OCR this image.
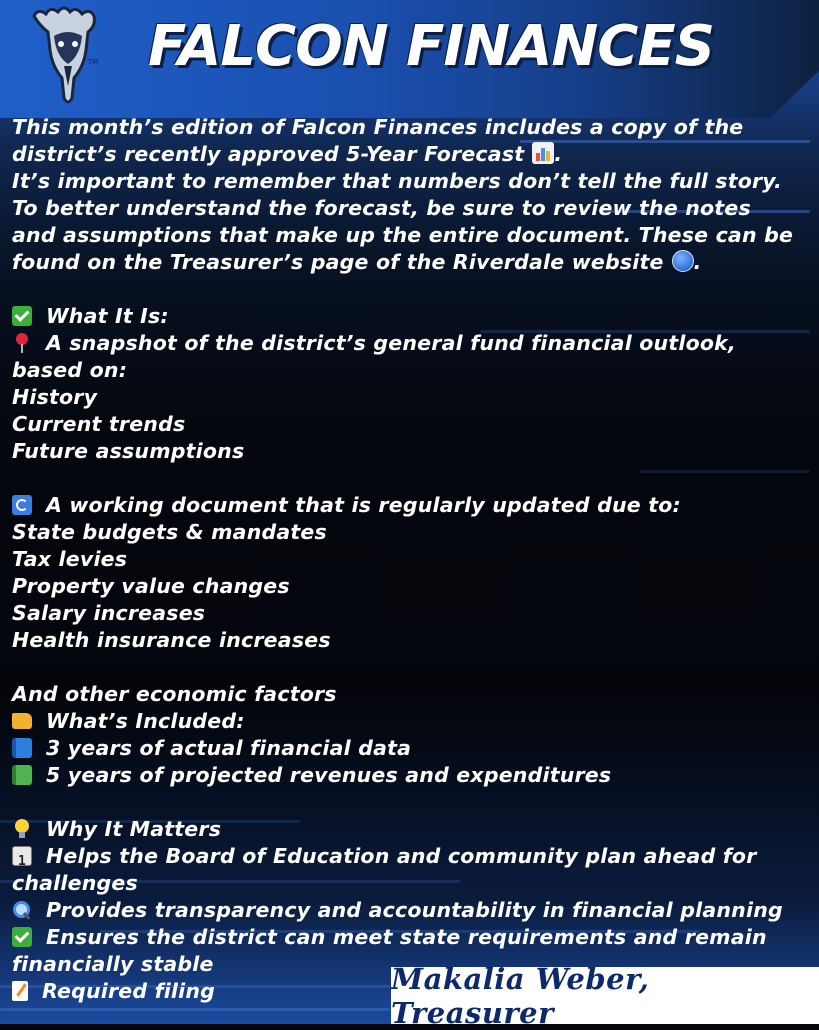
TM FALCON FINANCES
This month’s edition of Falcon Finances includes a copy of the
district’s recently approved 5-Year Forecast .
It’s important to remember that numbers don’t tell the full story.
To better understand the forecast, be sure to review the notes
and assumptions that make up the entire document. These can be
found on the Treasurer’s page of the Riverdale website .
What It Is:
A snapshot of the district’s general fund financial outlook,
based on:
History
Current trends
Future assumptions
A working document that is regularly updated due to:
State budgets & mandates
Tax levies
Property value changes
Salary increases
Health insurance increases
And other economic factors
What’s Included:
3 years of actual financial data
5 years of projected revenues and expenditures
Why It Matters
1Helps the Board of Education and community plan ahead for
challenges
Provides transparency and accountability in financial planning
Ensures the district can meet state requirements and remain
financially stable
Required filing	Makalia Weber, Treasurer
